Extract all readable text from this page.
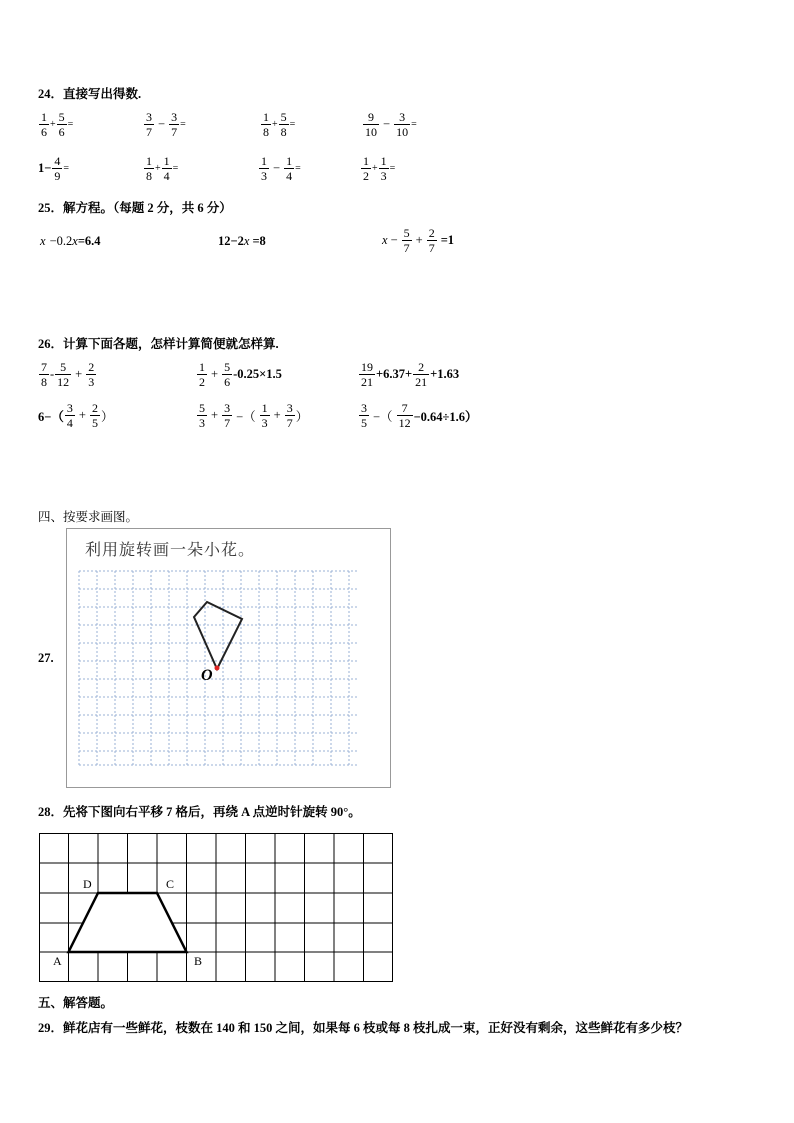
24．直接写出得数.
$\frac{1}{6} + \frac{5}{6}$ =	$\frac{3}{7} - \frac{3}{7}$ =	$\frac{1}{8} + \frac{5}{8}$ =	$\frac{9}{10} - \frac{3}{10}$ =
$1- \frac{4}{9}$ =	$\frac{1}{8} + \frac{1}{4}$ =	$\frac{1}{3} - \frac{1}{4}$ =	$\frac{1}{2} + \frac{1}{3}$ =
25．解方程。（每题 2 分，共 6 分）
x −0.2 x =6.4	12−2 x =8	$x - \frac{5}{7} + \frac{2}{7} =1$
26．计算下面各题，怎样计算简便就怎样算.
$\frac{7}{8} - \frac{5}{12} + \frac{2}{3}$	$\frac{1}{2} + \frac{5}{6} -0.25\times 1.5$	$\frac{19}{21} +6.37+ \frac{2}{21} +1.63$
$6-( \frac{3}{4} + \frac{2}{5}$ ）	$\frac{5}{3} + \frac{3}{7}$ −（ $\frac{1}{3} + \frac{3}{7}$ ）	$\frac{3}{5}$ −（ $\frac{7}{12} -0.64\div 1.6$）
四、按要求画图。
27.
利用旋转画一朵小花。
O
28．先将下图向右平移 7 格后，再绕 A 点逆时针旋转 90°。
A	B
C
D
五、解答题。
29．鲜花店有一些鲜花，枝数在 140 和 150 之间，如果每 6 枝或每 8 枝扎成一束，正好没有剩余，这些鲜花有多少枝？
